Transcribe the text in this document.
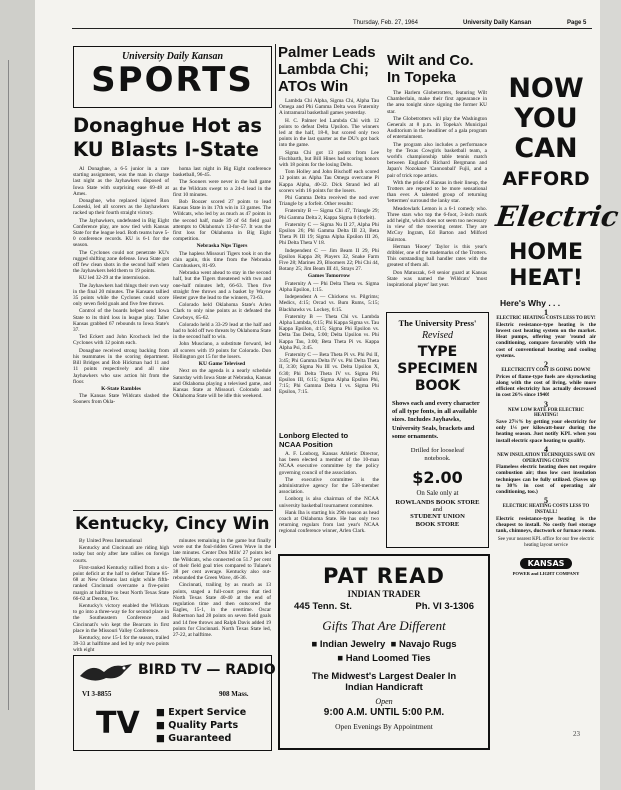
Thursday, Feb. 27, 1964	University Daily Kansan	Page 5
University Daily Kansan
SPORTS
Donaghue Hot as
KU Blasts I-State

Al Donaghue, a 6-5 junior in a rare starting assignment, was the man in charge last night as the Jayhawkers disposed of Iowa State with surprising ease 69-48 at Ames.

Donaghue, who replaced injured Ron Loneski, led all scorers as the Jayhawkers racked up their fourth straight victory.

The Jayhawkers, undefeated in Big Eight Conference play, are now tied with Kansas State for the league lead. Both teams have 5-0 conference records. KU is 6-1 for the season.

The Cyclones could not penetrate KU's rugged shifting zone defense. Iowa State got off few clean shots in the second half when the Jayhawkers held them to 19 points.

KU led 32-29 at the intermission.

The Jayhawkers had things their own way in the final 20 minutes. The Kansans tallied 35 points while the Cyclones could score only seven field goals and five free throws.

Control of the boards helped send Iowa State to its third loss in league play. Taller Kansas grabbed 67 rebounds to Iowa State's 37.

Ted Eckert and John Krochock led the Cyclones with 12 points each.

Donaghue received strong backing from his teammates in the scoring department. Bill Bridges and Bob Hickman had 11 and 11 points respectively and all nine Jayhawkers who saw action hit from the floor.

K-State Rambles

The Kansas State Wildcats slashed the Sooners from Okla-

homa last night in Big Eight conference basketball, 96-45.

The Sooners were never in the ball game as the Wildcats swept to a 24-4 lead in the first 10 minutes.

Bob Boozer scored 27 points to lead Kansas State in its 17th win in 13 games. The Wildcats, who led by as much as 47 points in the second half, made 39 of 64 field goal attempts to Oklahoma's 13-for-57. It was the first loss for Oklahoma in Big Eight competition.

Nebraska Nips Tigers

The hapless Missouri Tigers took it on the chin again, this time from the Nebraska Cornhuskers, 81-69.

Nebraska went ahead to stay in the second half, but the Tigers threatened with two and one-half minutes left, 66-63. Then five straight free throws and a basket by Wayne Hester gave the lead to the winners, 73-63.

Colorado held Oklahoma State's Arlen Clark to only nine points as it defeated the Cowboys, 65-62.

Colorado held a 33-29 lead at the half and had to hold off two threats by Oklahoma State in the second half to win.

John Musciano, a substitute forward, led all scorers with 19 points for Colorado. Don Hollington got 15 for the losers.

KU Game Televised

Next on the agenda is a nearly schedule Saturday with Iowa State at Nebraska, Kansas and Oklahoma playing a televised game, and Kansas State at Missouri. Colorado and Oklahoma State will be idle this weekend.

Kentucky, Cincy Win

By United Press International

Kentucky and Cincinnati are riding high today but only after late rallies on foreign courts.

First-ranked Kentucky rallied from a six-point deficit at the half to defeat Tulane 85-68 at New Orleans last night while fifth-ranked Cincinnati overcame a five-point margin at halftime to beat North Texas State 66-62 at Denton, Tex.

Kentucky's victory enabled the Wildcats to go into a three-way tie for second place in the Southeastern Conference and Cincinnati's win kept the Bearcats in first place in the Missouri Valley Conference.

Kentucky, now 15-1 for the season, trailed 39-33 at halftime and led by only two points with eight

minutes remaining in the game but finally wore out the foul-ridden Green Wave in the late minutes. Center Don Mills' 27 points led the Wildcats, who connected on 51.7 per cent of their field goal tries compared to Tulane's 38 per cent average. Kentucky also out-rebounded the Green Wave, 46-36.

Cincinnati, trailing by as much as 13 points, staged a full-court press that tied North Texas State 40-40 at the end of regulation time and then outscored the Eagles, 15-1, in the overtime. Oscar Robertson had 28 points on seven field goals and 14 free throws and Ralph Davis added 19 points for Cincinnati. North Texas State led, 27-22, at halftime.

BIRD TV — RADIO
VI 3-8855	908 Mass.
TV ■ Expert Service
■ Quality Parts
■ Guaranteed
Palmer Leads
Lambda Chi;
ATOs Win

Lambda Chi Alpha, Sigma Chi, Alpha Tau Omega and Phi Gamma Delta won Fraternity A intramural basketball games yesterday.

H. C. Palmer led Lambda Chi with 12 points to defeat Delta Upsilon. The winners led at the half, 18-8, but scored only two points in the last quarter as the DU's got back into the game.

Sigma Chi got 13 points from Lee Fischbarth, but Bill Hines had scoring honors with 18 points for the losing Delts.

Tom Holley and John Bischoff each scored 12 points as Alpha Tau Omega overcame Pi Kappa Alpha, 40-32. Dick Strand led all scorers with 16 points for the losers.

Phi Gamma Delta received the nod over Triangle by a forfeit. Other results:

Fraternity B — Sigma Chi 47, Triangle 29; Phi Gamma Delta 2, Kappa Sigma 0 (forfeit).

Fraternity C — Sigma Nu II 27, Alpha Phi Epsilon 26; Phi Gamma Delta III 23, Beta Theta Pi III 19; Sigma Alpha Epsilon III 26, Phi Delta Theta V 18.

Independent C — Jim Beam II 29, Phi Epsilon Kappa 28; Players 32, Snake Farm Five 28; Marines 29, Bloomers 22; Phi Chi 44, Botany 25; Jim Beam III 41, Strays 27.

Games Tomorrow

Fraternity A — Phi Delta Theta vs. Sigma Alpha Epsilon, 1:15.

Independent A — Chickens vs. Pilgrims; Medics, 4:15; Orcad vs. Bum Rums, 5:15; Blackhawks vs. Lockey, 6:15.

Fraternity B — Theta Chi vs. Lambda Alpha Lambda, 6:15; Phi Kappa Sigma vs. Tau Kappa Epsilon, 4:15; Sigma Phi Epsilon vs. Delta Tau Delta, 5:00; Delta Upsilon vs. Phi Kappa Tau, 3:00; Beta Theta Pi vs. Kappa Alpha Psi, 3:45.

Fraternity C — Beta Theta Pi vs. Phi Psi II, 3:45; Phi Gamma Delta IV vs. Phi Delta Theta II, 3:30; Sigma Nu III vs. Delta Upsilon X, 6:30; Phi Delta Theta IV vs. Sigma Phi Epsilon III, 6:15; Sigma Alpha Epsilon Phi, 7:15; Phi Gamma Delta I vs. Sigma Phi Epsilon, 7:15.

Lonborg Elected to
NCAA Position

A. F. Lonborg, Kansas Athletic Director, has been elected a member of the 10-man NCAA executive committee by the policy governing council of the association.

The executive committee is the administrative agency for the 538-member association.

Lonborg is also chairman of the NCAA university basketball tournament committee.

Hank Iba is starting his 29th season as head coach at Oklahoma State. He has only two returning regulars from last year's NCAA regional conference winner, Arlen Clark.

Wilt and Co.
In Topeka

The Harlem Globetrotters, featuring Wilt Chamberlain, make their first appearance in the area tonight since signing the former KU star.

The Globetrotters will play the Washington Generals at 8 p.m. in Topeka's Municipal Auditorium in the headliner of a gala program of entertainment.

The program also includes a performance by the Texas Cowgirls basketball team, a world's championship table tennis match between England's Richard Bergmann and Japan's Nozokaze 'Cannonball' Fujii, and a pair of trick rope artists.

With the pride of Kansas in their lineup, the Trotters are reputed to be more sensational than ever. A talented group of returning 'lettermen' surround the lanky star.

Meadowlark Lemon is a 6-1 comedy who. Three stars who top the 6-foot, 3-inch mark add height, which does not seem too necessary in view of the towering center. They are McCoy Ingram, Ed Barton and Milford Hairston.

Herman 'Hooey' Taylor is this year's dribbler, one of the trademarks of the Trotters. This outstanding ball handler rates with the greatest of them all.

Don Matuszak, 6-8 senior guard at Kansas State was named the Wildcats' 'most inspirational player' last year.

The University Press'
Revised
TYPE
SPECIMEN
BOOK
Shows each and every character of all type fonts, in all available sizes. Includes Jayhawks, University Seals, brackets and some ornaments.
Drilled for looseleaf
notebook.
$2.00
On Sale only at
ROWLANDS BOOK STORE
and
STUDENT UNION
BOOK STORE
PAT READ
INDIAN TRADER
445 Tenn. St.	Ph. VI 3-1306
Gifts That Are Different
■ Indian Jewelry  ■ Navajo Rugs
■ Hand Loomed Ties
The Midwest's Largest Dealer In
Indian Handicraft
Open
9:00 A.M. UNTIL 5:00 P.M.
Open Evenings By Appointment
NOW
YOU
CAN
AFFORD
Electric
HOME
HEAT!
Here's Why . . .
1
ELECTRIC HEATING COSTS LESS TO BUY!
Electric resistance-type heating is the lowest cost heating system on the market. Heat pumps, offering year 'round air conditioning, compare favorably with the cost of conventional heating and cooling systems.
2
ELECTRICITY COST IS GOING DOWN!
Prices of flame-type fuels are skyrocketing along with the cost of living, while more efficient electricity has actually decreased in cost 26% since 1940!
3
NEW LOW RATE FOR ELECTRIC HEATING!
Save 27¼% by getting your electricity for only 1¼ per kilowatt-hour during the heating season. Just notify KPL when you install electric space heating to qualify.
4
NEW INSULATION TECHNIQUES SAVE ON OPERATING COSTS!
Flameless electric heating does not require combustion air; thus low cost insulation techniques can be fully utilized. (Saves up to 30% in cost of operating air conditioning, too.)
5
ELECTRIC HEATING COSTS LESS TO INSTALL!
Electric resistance-type heating is the cheapest to install. No costly fuel storage tank, chimneys, ductwork or furnace room.
See your nearest KPL office for our free electric heating layout service
KANSAS
POWER and LIGHT COMPANY
23
